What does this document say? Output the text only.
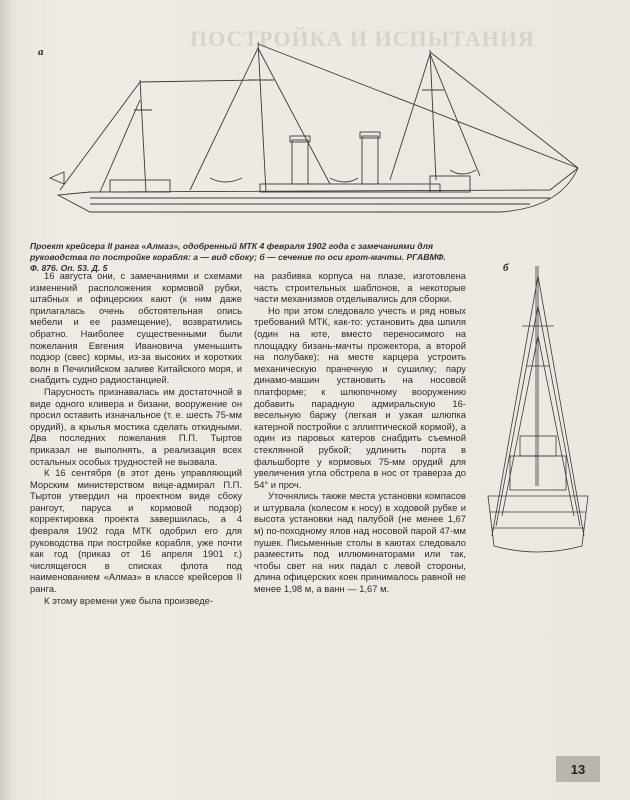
ПОСТРОЙКА И ИСПЫТАНИЯ
а
Проект крейсера II ранга «Алмаз», одобренный МТК 4 февраля 1902 года с замечаниями для руководства по постройке корабля: а — вид сбоку; б — сечение по оси грот-мачты. РГАВМФ. Ф. 876. Оп. 53. Д. 5	б

16 августа они, с замечаниями и схемами изменений расположения кормовой рубки, штабных и офицерских кают (к ним даже прилагалась очень обстоятельная опись мебели и ее размещение), возвратились обратно. Наиболее существенными были пожелания Евгения Ивановича уменьшить подзор (свес) кормы, из-за высоких и коротких волн в Печилийском заливе Китайского моря, и снабдить судно радиостанцией.

Парусность признавалась им достаточной в виде одного кливера и бизани, вооружение он просил оставить изначальное (т. е. шесть 75-мм орудий), а крылья мостика сделать откидными. Два последних пожелания П.П. Тыртов приказал не выполнять, а реализация всех остальных особых трудностей не вызвала.

К 16 сентября (в этот день управляющий Морским министерством вице-адмирал П.П. Тыртов утвердил на проектном виде сбоку рангоут, паруса и кормовой подзор) корректировка проекта завершилась, а 4 февраля 1902 года МТК одобрил его для руководства при постройке корабля, уже почти как год (приказ от 16 апреля 1901 г.) числящегося в списках флота под наименованием «Алмаз» в классе крейсеров II ранга.

К этому времени уже была произведе-

на разбивка корпуса на плазе, изготовлена часть строительных шаблонов, а некоторые части механизмов отделывались для сборки.

Но при этом следовало учесть и ряд новых требований МТК, как-то: установить два шпиля (один на юте, вместо переносимого на площадку бизань-мачты прожектора, а второй на полубаке); на месте карцера устроить механическую прачечную и сушилку; пару динамо-машин установить на носовой платформе; к шлюпочному вооружению добавить парадную адмиральскую 16-весельную баржу (легкая и узкая шлюпка катерной постройки с эллиптической кормой), а один из паровых катеров снабдить съемной стеклянной рубкой; удлинить порта в фальшборте у кормовых 75-мм орудий для увеличения угла обстрела в нос от траверза до 54° и проч.

Уточнялись также места установки компасов и штурвала (колесом к носу) в ходовой рубке и высота установки над палубой (не менее 1,67 м) по-походному ялов над носовой парой 47-мм пушек. Письменные столы в каютах следовало разместить под иллюминаторами или так, чтобы свет на них падал с левой стороны, длина офицерских коек принималось равной не менее 1,98 м, а ванн — 1,67 м.

13
